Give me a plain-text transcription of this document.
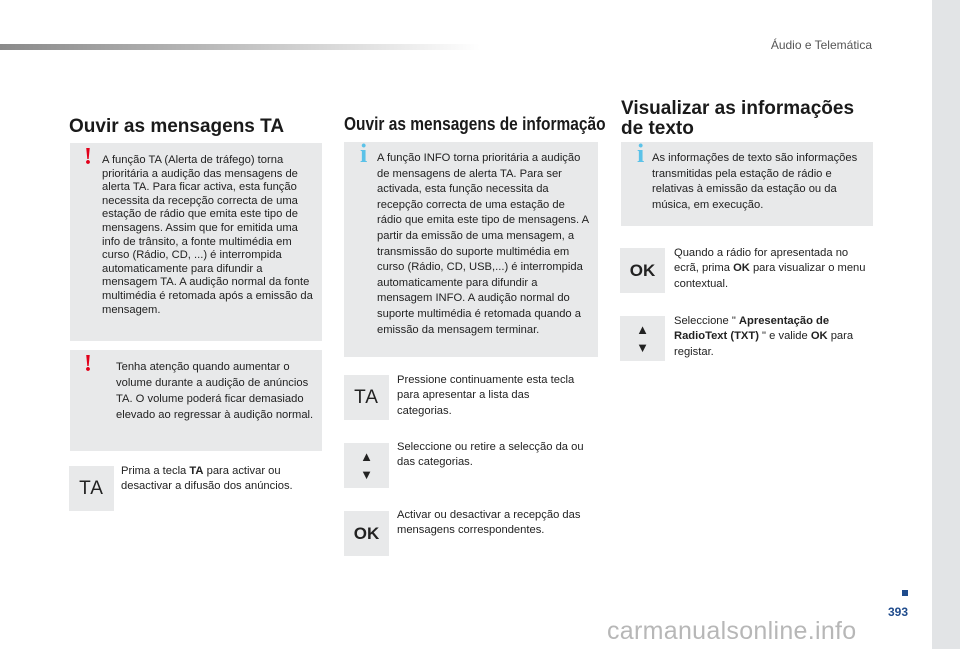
Áudio e Telemática
Ouvir as mensagens TA
! A função TA (Alerta de tráfego) torna prioritária a audição das mensagens de alerta TA. Para ficar activa, esta função necessita da recepção correcta de uma estação de rádio que emita este tipo de mensagens. Assim que for emitida uma info de trânsito, a fonte multimédia em curso (Rádio, CD, ...) é interrompida automaticamente para difundir a mensagem TA. A audição normal da fonte multimédia é retomada após a emissão da mensagem.

! Tenha atenção quando aumentar o volume durante a audição de anúncios TA. O volume poderá ficar demasiado elevado ao regressar à audição normal.

TA
Prima a tecla TA para activar ou desactivar a difusão dos anúncios.
Ouvir as mensagens de informação
i A função INFO torna prioritária a audição de mensagens de alerta TA. Para ser activada, esta função necessita da recepção correcta de uma estação de rádio que emita este tipo de mensagens. A partir da emissão de uma mensagem, a transmissão do suporte multimédia em curso (Rádio, CD, USB,...) é interrompida automaticamente para difundir a mensagem INFO. A audição normal do suporte multimédia é retomada quando a emissão da mensagem terminar.

TA
Pressione continuamente esta tecla para apresentar a lista das categorias.
▲
▼
Seleccione ou retire a selecção da ou das categorias.
OK
Activar ou desactivar a recepção das mensagens correspondentes.
Visualizar as informações de texto
i As informações de texto são informações transmitidas pela estação de rádio e relativas à emissão da estação ou da música, em execução.

OK
Quando a rádio for apresentada no ecrã, prima OK para visualizar o menu contextual.
▲
▼
Seleccione " Apresentação de RadioText (TXT) " e valide OK para registar.
393
carmanualsonline.info
